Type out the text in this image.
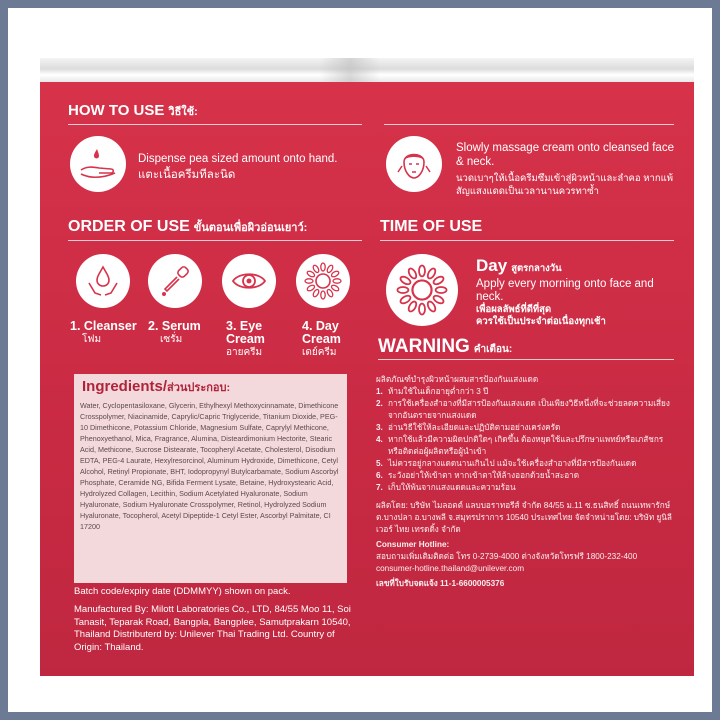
HOW TO USE วิธีใช้:
Dispense pea sized amount onto hand.
แตะเนื้อครีมทีละนิด
Slowly massage cream onto cleansed face & neck.
นวดเบาๆให้เนื้อครีมซึมเข้าสู่ผิวหน้าและลำคอ หากแพ้สัญแสงแดดเป็นเวลานานควรทาซ้ำ
ORDER OF USE ขั้นตอนเพื่อผิวอ่อนเยาว์:
1. Cleanser
โฟม
2. Serum
เซรั่ม
3. Eye Cream
อายครีม
4. Day Cream
เดย์ครีม
TIME OF USE
Day สูตรกลางวัน
Apply every morning onto face and neck.
เพื่อผลลัพธ์ที่ดีที่สุด
ควรใช้เป็นประจำต่อเนื่องทุกเช้า
Ingredients/ส่วนประกอบ:
Water, Cyclopentasiloxane, Glycerin, Ethylhexyl Methoxycinnamate, Dimethicone Crosspolymer, Niacinamide, Caprylic/Capric Triglyceride, Titanium Dioxide, PEG-10 Dimethicone, Potassium Chloride, Magnesium Sulfate, Caprylyl Methicone, Phenoxyethanol, Mica, Fragrance, Alumina, Disteardimonium Hectorite, Stearic Acid, Methicone, Sucrose Distearate, Tocopheryl Acetate, Cholesterol, Disodium EDTA, PEG-4 Laurate, Hexylresorcinol, Aluminum Hydroxide, Dimethicone, Cetyl Alcohol, Retinyl Propionate, BHT, Iodopropynyl Butylcarbamate, Sodium Ascorbyl Phosphate, Ceramide NG, Bifida Ferment Lysate, Betaine, Hydroxystearic Acid, Hydrolyzed Collagen, Lecithin, Sodium Acetylated Hyaluronate, Sodium Hyaluronate, Sodium Hyaluronate Crosspolymer, Retinol, Hydrolyzed Sodium Hyaluronate, Tocopherol, Acetyl Dipeptide-1 Cetyl Ester, Ascorbyl Palmitate, CI 17200
Batch code/expiry date (DDMMYY) shown on pack.
Manufactured By: Milott Laboratories Co., LTD, 84/55 Moo 11, Soi Tanasit, Teparak Road, Bangpla, Bangplee, Samutprakarn 10540, Thailand Distributerd by: Unilever Thai Trading Ltd. Country of Origin: Thailand.
WARNING คำเตือน:
ผลิตภัณฑ์บำรุงผิวหน้าผสมสารป้องกันแสงแดด
1. ห้ามใช้ในเด็กอายุต่ำกว่า 3 ปี
2. การใช้เครื่องสำอางที่มีสารป้องกันแสงแดด เป็นเพียงวิธีหนึ่งที่จะช่วยลดความเสี่ยงจากอันตรายจากแสงแดด
3. อ่านวิธีใช้ให้ละเอียดและปฏิบัติตามอย่างเคร่งครัด
4. หากใช้แล้วมีความผิดปกติใดๆ เกิดขึ้น ต้องหยุดใช้และปรึกษาแพทย์หรือเภสัชกร หรือติดต่อผู้ผลิตหรือผู้นำเข้า
5. ไม่ควรอยู่กลางแดดนานเกินไป แม้จะใช้เครื่องสำอางที่มีสารป้องกันแดด
6. ระวังอย่าให้เข้าตา หากเข้าตาให้ล้างออกด้วยน้ำสะอาด
7. เก็บให้พ้นจากแสงแดดและความร้อน
ผลิตโดย: บริษัท ไมลอตต์ แลบบอราทอรีส์ จำกัด 84/55 ม.11 ซ.ธนสิทธิ์ ถนนเทพารักษ์ ต.บางปลา อ.บางพลี จ.สมุทรปราการ 10540 ประเทศไทย จัดจำหน่ายโดย: บริษัท ยูนิลีเวอร์ ไทย เทรดดิ้ง จำกัด
Consumer Hotline:
สอบถามเพิ่มเติมติดต่อ โทร 0-2739-4000 ต่างจังหวัดโทรฟรี 1800-232-400 consumer-hotline.thailand@unilever.com
เลขที่ใบรับจดแจ้ง 11-1-6600005376
